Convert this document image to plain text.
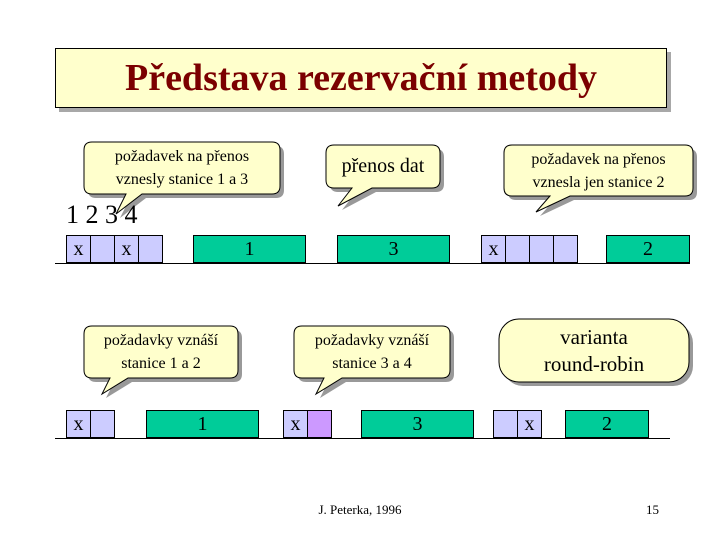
Představa rezervační metody
požadavek na přenos
vznesly stanice 1 a 3
přenos dat	požadavek na přenos
vznesla jen stanice 2
požadavky vznáší
stanice 1 a 2
požadavky vznáší
stanice 3 a 4
varianta
round-robin
1 2 3 4
x x	1	3	x	2
x	1	x	3	x	2
J. Peterka, 1996	15
